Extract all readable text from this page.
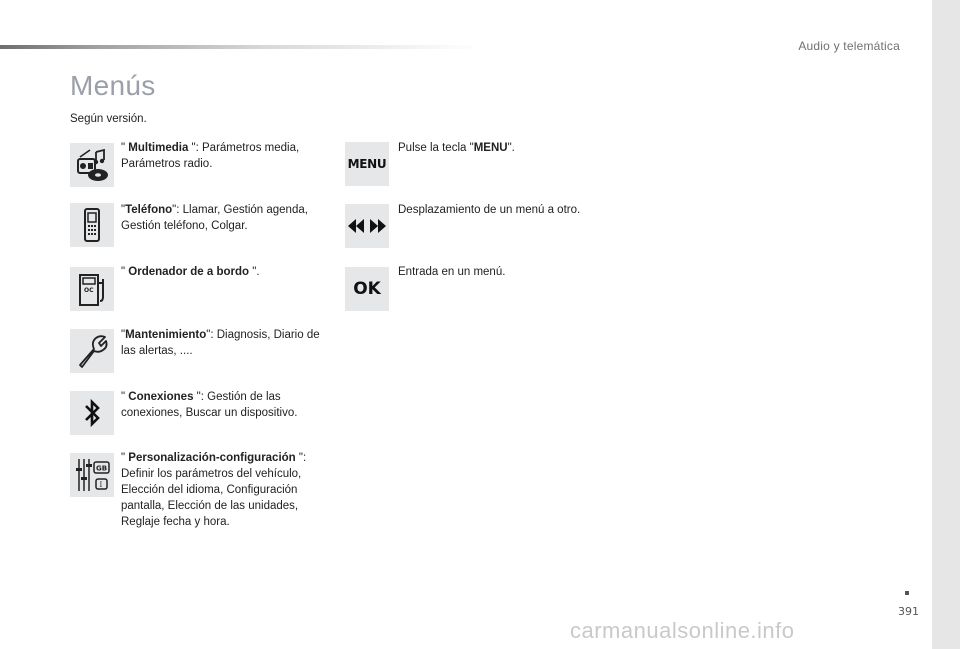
Audio y telemática
Menús
Según versión.
" Multimedia ": Parámetros media, Parámetros radio.
"Teléfono": Llamar, Gestión agenda, Gestión teléfono, Colgar.
OC
" Ordenador de a bordo ".
"Mantenimiento": Diagnosis, Diario de las alertas, ....
" Conexiones ": Gestión de las conexiones, Buscar un dispositivo.
GB
I
" Personalización-configuración ": Definir los parámetros del vehículo, Elección del idioma, Configuración pantalla, Elección de las unidades, Reglaje fecha y hora.
MENU
Pulse la tecla "MENU".
Desplazamiento de un menú a otro.
OK
Entrada en un menú.
391
carmanualsonline.info
